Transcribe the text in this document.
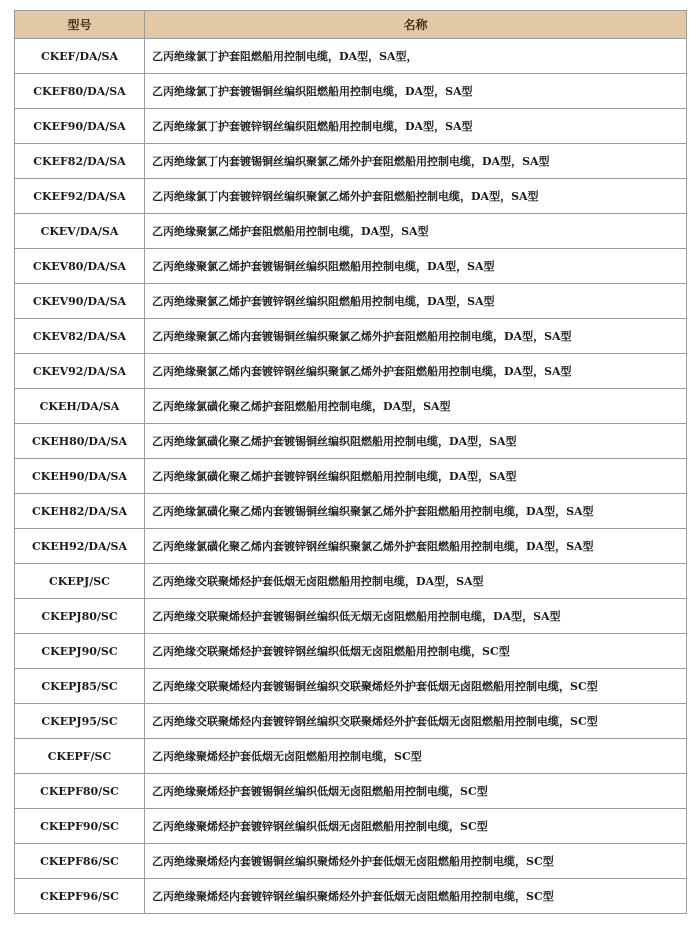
型号	名称
CKEF/DA/SA	乙丙绝缘氯丁护套阻燃船用控制电缆，DA型，SA型，
CKEF80/DA/SA	乙丙绝缘氯丁护套镀锡铜丝编织阻燃船用控制电缆，DA型，SA型
CKEF90/DA/SA	乙丙绝缘氯丁护套镀锌钢丝编织阻燃船用控制电缆，DA型，SA型
CKEF82/DA/SA	乙丙绝缘氯丁内套镀锡铜丝编织聚氯乙烯外护套阻燃船用控制电缆，DA型，SA型
CKEF92/DA/SA	乙丙绝缘氯丁内套镀锌钢丝编织聚氯乙烯外护套阻燃船控制电缆，DA型，SA型
CKEV/DA/SA	乙丙绝缘聚氯乙烯护套阻燃船用控制电缆，DA型，SA型
CKEV80/DA/SA	乙丙绝缘聚氯乙烯护套镀锡铜丝编织阻燃船用控制电缆，DA型，SA型
CKEV90/DA/SA	乙丙绝缘聚氯乙烯护套镀锌钢丝编织阻燃船用控制电缆，DA型，SA型
CKEV82/DA/SA	乙丙绝缘聚氯乙烯内套镀锡铜丝编织聚氯乙烯外护套阻燃船用控制电缆，DA型，SA型
CKEV92/DA/SA	乙丙绝缘聚氯乙烯内套镀锌钢丝编织聚氯乙烯外护套阻燃船用控制电缆，DA型，SA型
CKEH/DA/SA	乙丙绝缘氯磺化聚乙烯护套阻燃船用控制电缆，DA型，SA型
CKEH80/DA/SA	乙丙绝缘氯磺化聚乙烯护套镀锡铜丝编织阻燃船用控制电缆，DA型，SA型
CKEH90/DA/SA	乙丙绝缘氯磺化聚乙烯护套镀锌钢丝编织阻燃船用控制电缆，DA型，SA型
CKEH82/DA/SA	乙丙绝缘氯磺化聚乙烯内套镀锡铜丝编织聚氯乙烯外护套阻燃船用控制电缆，DA型，SA型
CKEH92/DA/SA	乙丙绝缘氯磺化聚乙烯内套镀锌钢丝编织聚氯乙烯外护套阻燃船用控制电缆，DA型，SA型
CKEPJ/SC	乙丙绝缘交联聚烯烃护套低烟无卤阻燃船用控制电缆，DA型，SA型
CKEPJ80/SC	乙丙绝缘交联聚烯烃护套镀锡铜丝编织低无烟无卤阻燃船用控制电缆，DA型，SA型
CKEPJ90/SC	乙丙绝缘交联聚烯烃护套镀锌钢丝编织低烟无卤阻燃船用控制电缆，SC型
CKEPJ85/SC	乙丙绝缘交联聚烯烃内套镀锡铜丝编织交联聚烯烃外护套低烟无卤阻燃船用控制电缆，SC型
CKEPJ95/SC	乙丙绝缘交联聚烯烃内套镀锌钢丝编织交联聚烯烃外护套低烟无卤阻燃船用控制电缆，SC型
CKEPF/SC	乙丙绝缘聚烯烃护套低烟无卤阻燃船用控制电缆，SC型
CKEPF80/SC	乙丙绝缘聚烯烃护套镀锡铜丝编织低烟无卤阻燃船用控制电缆，SC型
CKEPF90/SC	乙丙绝缘聚烯烃护套镀锌钢丝编织低烟无卤阻燃船用控制电缆，SC型
CKEPF86/SC	乙丙绝缘聚烯烃内套镀锡铜丝编织聚烯烃外护套低烟无卤阻燃船用控制电缆，SC型
CKEPF96/SC	乙丙绝缘聚烯烃内套镀锌钢丝编织聚烯烃外护套低烟无卤阻燃船用控制电缆，SC型
